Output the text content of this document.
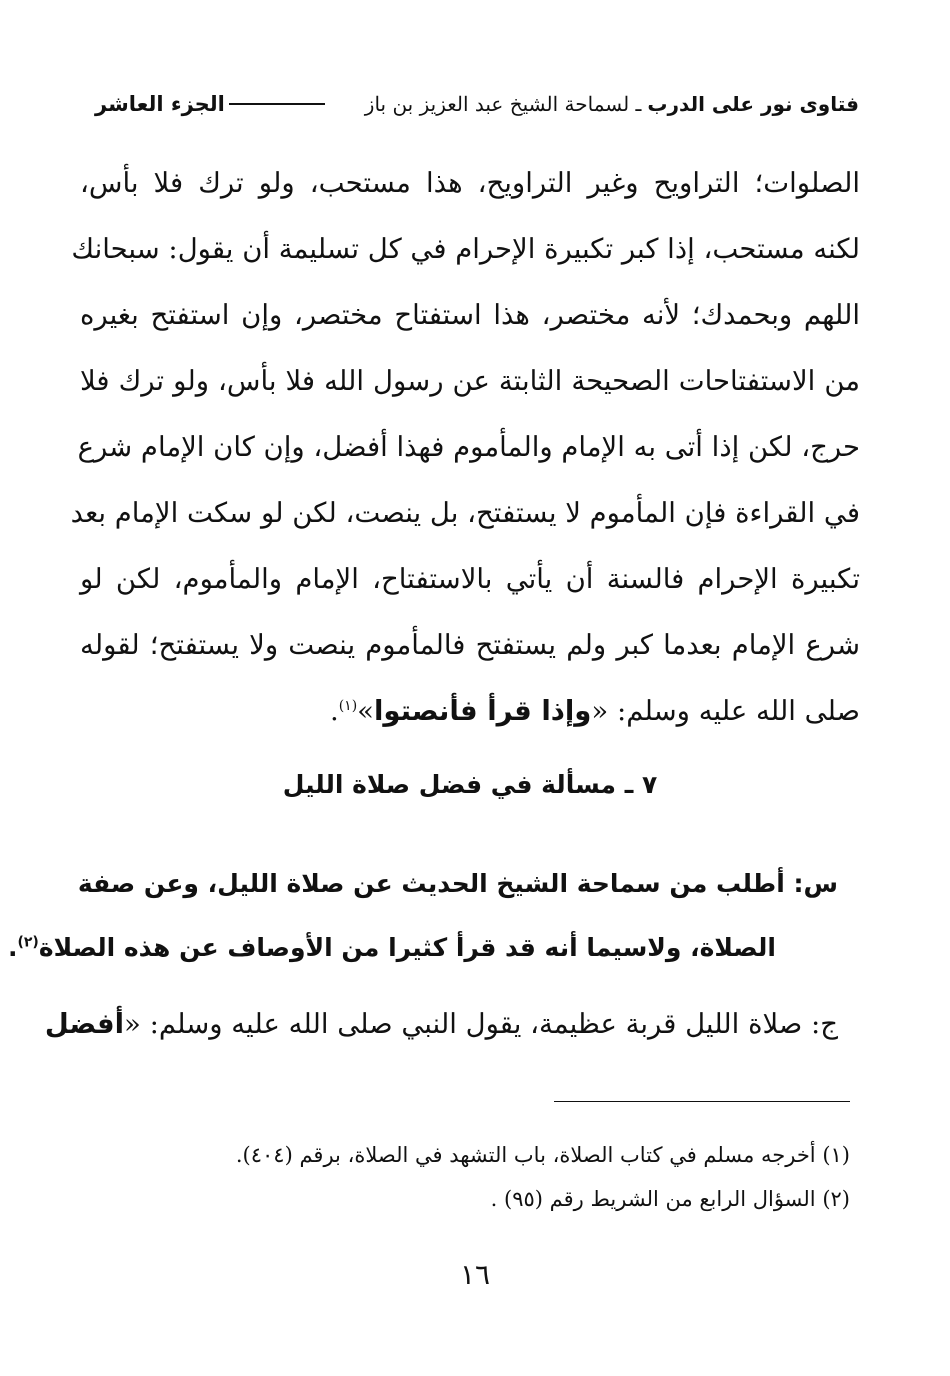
فتاوى نور على الدرب
ـ لسماحة الشيخ عبد العزيز بن باز
الجزء العاشر
الصلوات؛ التراويح وغير التراويح، هذا مستحب، ولو ترك فلا بأس،
لكنه مستحب، إذا كبر تكبيرة الإحرام في كل تسليمة أن يقول: سبحانك
اللهم وبحمدك؛ لأنه مختصر، هذا استفتاح مختصر، وإن استفتح بغيره
من الاستفتاحات الصحيحة الثابتة عن رسول الله فلا بأس، ولو ترك فلا
حرج، لكن إذا أتى به الإمام والمأموم فهذا أفضل، وإن كان الإمام شرع
في القراءة فإن المأموم لا يستفتح، بل ينصت، لكن لو سكت الإمام بعد
تكبيرة الإحرام فالسنة أن يأتي بالاستفتاح، الإمام والمأموم، لكن لو
شرع الإمام بعدما كبر ولم يستفتح فالمأموم ينصت ولا يستفتح؛ لقوله
صلى الله عليه وسلم: «وإذا قرأ فأنصتوا»$^{(١)}$.
٧ ـ مسألة في فضل صلاة الليل
س: أطلب من سماحة الشيخ الحديث عن صلاة الليل، وعن صفة
الصلاة، ولاسيما أنه قد قرأ كثيرا من الأوصاف عن هذه الصلاة$^{(٢)}$.
ج: صلاة الليل قربة عظيمة، يقول النبي صلى الله عليه وسلم: «أفضل
(١) أخرجه مسلم في كتاب الصلاة، باب التشهد في الصلاة، برقم (٤٠٤).
(٢) السؤال الرابع من الشريط رقم (٩٥) .
١٦
